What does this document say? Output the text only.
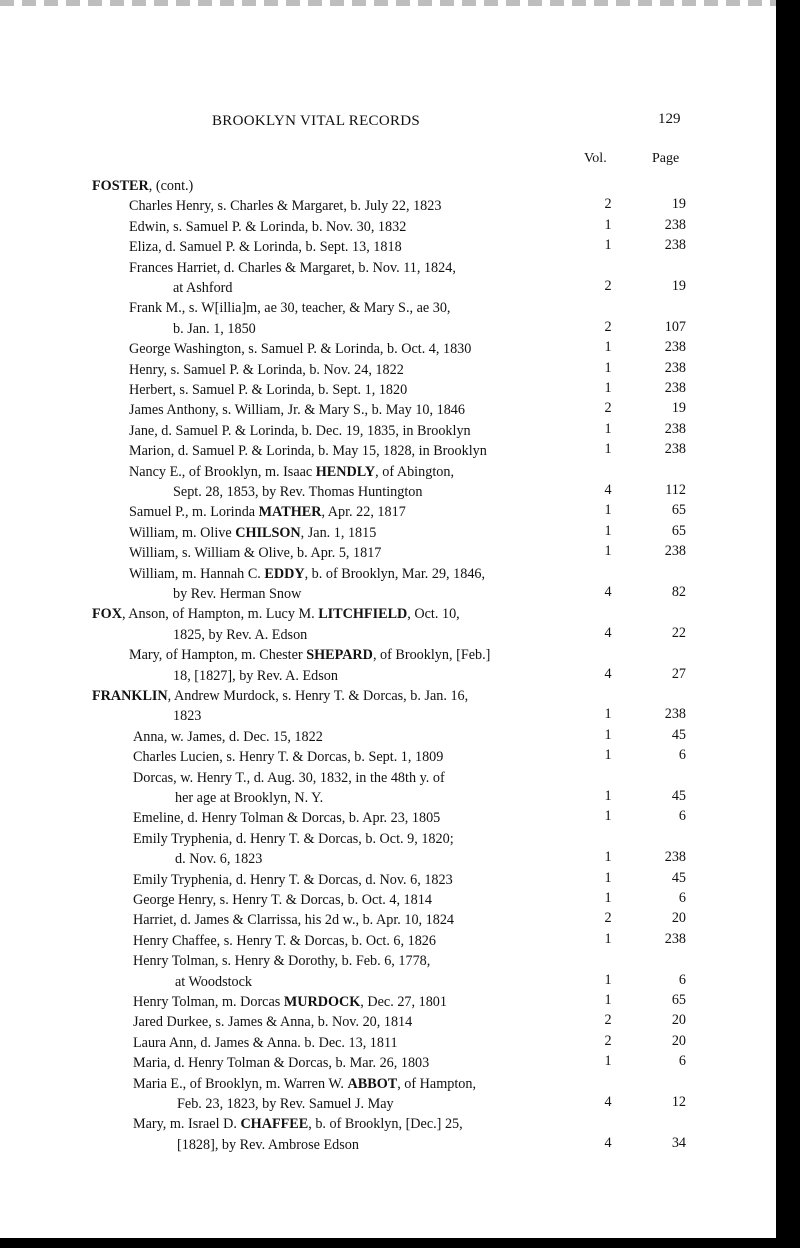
BROOKLYN VITAL RECORDS	129
Vol.	Page
FOSTER, (cont.)
Charles Henry, s. Charles & Margaret, b. July 22, 1823	2	19
Edwin, s. Samuel P. & Lorinda, b. Nov. 30, 1832	1	238
Eliza, d. Samuel P. & Lorinda, b. Sept. 13, 1818	1	238
Frances Harriet, d. Charles & Margaret, b. Nov. 11, 1824,
at Ashford	2	19
Frank M., s. W[illia]m, ae 30, teacher, & Mary S., ae 30,
b. Jan. 1, 1850	2	107
George Washington, s. Samuel P. & Lorinda, b. Oct. 4, 1830	1	238
Henry, s. Samuel P. & Lorinda, b. Nov. 24, 1822	1	238
Herbert, s. Samuel P. & Lorinda, b. Sept. 1, 1820	1	238
James Anthony, s. William, Jr. & Mary S., b. May 10, 1846	2	19
Jane, d. Samuel P. & Lorinda, b. Dec. 19, 1835, in Brooklyn	1	238
Marion, d. Samuel P. & Lorinda, b. May 15, 1828, in Brooklyn	1	238
Nancy E., of Brooklyn, m. Isaac HENDLY, of Abington,
Sept. 28, 1853, by Rev. Thomas Huntington	4	112
Samuel P., m. Lorinda MATHER, Apr. 22, 1817	1	65
William, m. Olive CHILSON, Jan. 1, 1815	1	65
William, s. William & Olive, b. Apr. 5, 1817	1	238
William, m. Hannah C. EDDY, b. of Brooklyn, Mar. 29, 1846,
by Rev. Herman Snow	4	82
FOX, Anson, of Hampton, m. Lucy M. LITCHFIELD, Oct. 10,
1825, by Rev. A. Edson	4	22
Mary, of Hampton, m. Chester SHEPARD, of Brooklyn, [Feb.]
18, [1827], by Rev. A. Edson	4	27
FRANKLIN, Andrew Murdock, s. Henry T. & Dorcas, b. Jan. 16,
1823	1	238
Anna, w. James, d. Dec. 15, 1822	1	45
Charles Lucien, s. Henry T. & Dorcas, b. Sept. 1, 1809	1	6
Dorcas, w. Henry T., d. Aug. 30, 1832, in the 48th y. of
her age at Brooklyn, N. Y.	1	45
Emeline, d. Henry Tolman & Dorcas, b. Apr. 23, 1805	1	6
Emily Tryphenia, d. Henry T. & Dorcas, b. Oct. 9, 1820;
d. Nov. 6, 1823	1	238
Emily Tryphenia, d. Henry T. & Dorcas, d. Nov. 6, 1823	1	45
George Henry, s. Henry T. & Dorcas, b. Oct. 4, 1814	1	6
Harriet, d. James & Clarrissa, his 2d w., b. Apr. 10, 1824	2	20
Henry Chaffee, s. Henry T. & Dorcas, b. Oct. 6, 1826	1	238
Henry Tolman, s. Henry & Dorothy, b. Feb. 6, 1778,
at Woodstock	1	6
Henry Tolman, m. Dorcas MURDOCK, Dec. 27, 1801	1	65
Jared Durkee, s. James & Anna, b. Nov. 20, 1814	2	20
Laura Ann, d. James & Anna. b. Dec. 13, 1811	2	20
Maria, d. Henry Tolman & Dorcas, b. Mar. 26, 1803	1	6
Maria E., of Brooklyn, m. Warren W. ABBOT, of Hampton,
Feb. 23, 1823, by Rev. Samuel J. May	4	12
Mary, m. Israel D. CHAFFEE, b. of Brooklyn, [Dec.] 25,
[1828], by Rev. Ambrose Edson	4	34
